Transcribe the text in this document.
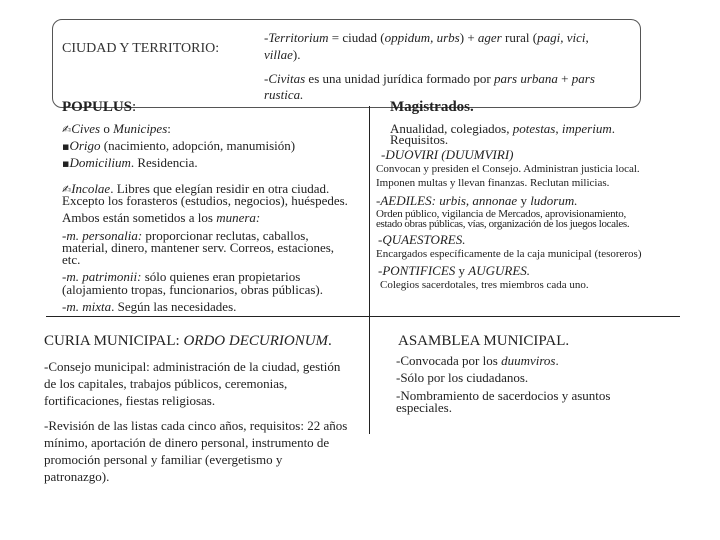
CIUDAD Y TERRITORIO:
-Territorium = ciudad (oppidum, urbs) + ager rural (pagi, vici,
villae).
-Civitas es una unidad jurídica formado por pars urbana + pars
rustica.
POPULUS:
✍Cives o Municipes:
▪Origo (nacimiento, adopción, manumisión)
▪Domicilium. Residencia.
✍Incolae. Libres que elegían residir en otra ciudad.
Excepto los forasteros (estudios, negocios), huéspedes.
Ambos están sometidos a los munera:
-m. personalia: proporcionar reclutas, caballos,
material, dinero, mantener serv. Correos, estaciones,
etc.
-m. patrimonii: sólo quienes eran propietarios
(alojamiento tropas, funcionarios, obras públicas).
-m. mixta. Según las necesidades.
Magistrados.
Anualidad, colegiados, potestas, imperium.
Requisitos.
-DUOVIRI (DUUMVIRI)
Convocan y presiden el Consejo. Administran justicia local.
Imponen multas y llevan finanzas. Reclutan milicias.
-AEDILES: urbis, annonae y ludorum.
Orden público, vigilancia de Mercados, aprovisionamiento,
estado obras públicas, vías, organización de los juegos locales.
-QUAESTORES.
Encargados específicamente de la caja municipal (tesoreros)
-PONTIFICES y AUGURES.
Colegios sacerdotales, tres miembros cada uno.
CURIA MUNICIPAL: ORDO DECURIONUM.
-Consejo municipal: administración de la ciudad, gestión
de los capitales, trabajos públicos, ceremonias,
fortificaciones, fiestas religiosas.
-Revisión de las listas cada cinco años, requisitos: 22 años
mínimo, aportación de dinero personal, instrumento de
promoción personal y familiar (evergetismo y
patronazgo).
ASAMBLEA MUNICIPAL.
-Convocada por los duumviros.
-Sólo por los ciudadanos.
-Nombramiento de sacerdocios y asuntos
especiales.
